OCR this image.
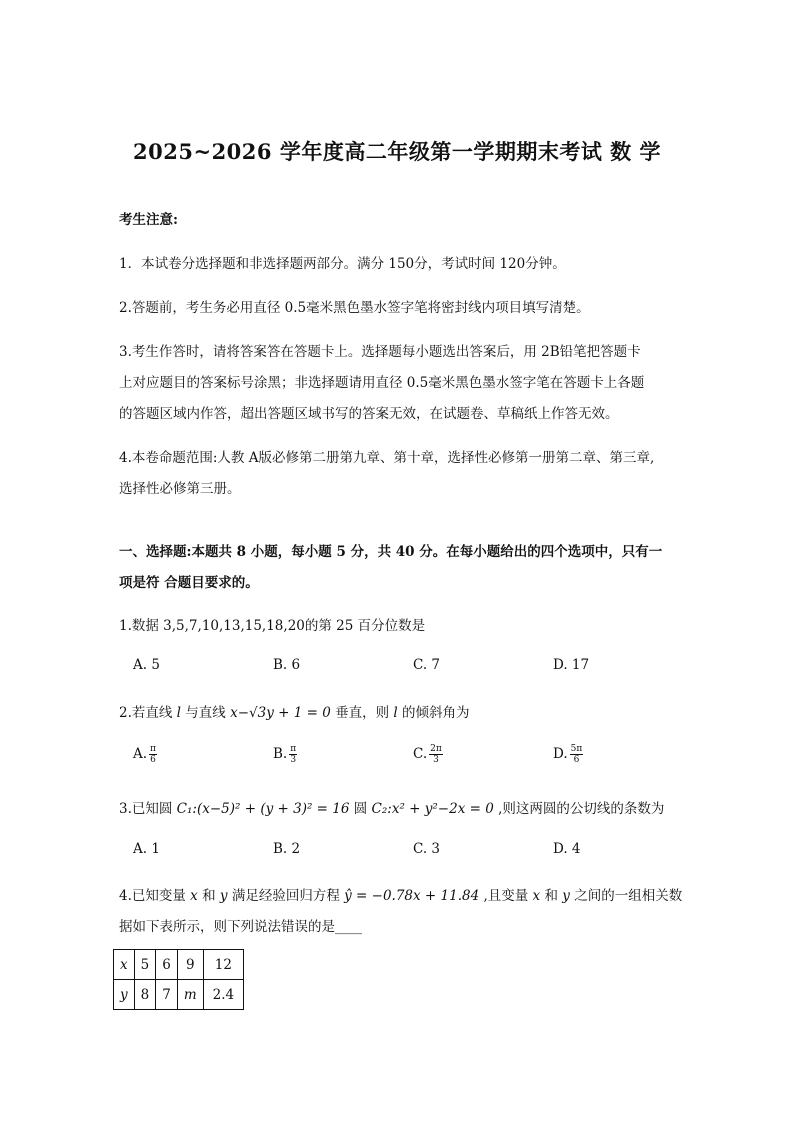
2025~2026 学年度高二年级第一学期期末考试 数 学
考生注意:
1．本试卷分选择题和非选择题两部分。满分 150分，考试时间 120分钟。
2.答题前，考生务必用直径 0.5毫米黑色墨水签字笔将密封线内项目填写清楚。
3.考生作答时，请将答案答在答题卡上。选择题每小题选出答案后，用 2B铅笔把答题卡
上对应题目的答案标号涂黑；非选择题请用直径 0.5毫米黑色墨水签字笔在答题卡上各题
的答题区域内作答，超出答题区域书写的答案无效，在试题卷、草稿纸上作答无效。
4.本卷命题范围:人教 A版必修第二册第九章、第十章，选择性必修第一册第二章、第三章,
选择性必修第三册。
一、选择题:本题共 8 小题，每小题 5 分，共 40 分。在每小题给出的四个选项中，只有一
项是符 合题目要求的。
1.数据 3,5,7,10,13,15,18,20的第 25 百分位数是
A. 5	B. 6	C. 7	D. 17
2.若直线 l 与直线 x−√3y + 1 = 0 垂直，则 l 的倾斜角为
A. $\frac{\pi}{6}$	B. $\frac{\pi}{3}$	C. $\frac{2\pi}{3}$	D. $\frac{5\pi}{6}$
3.已知圆 C₁:(x−5)² + (y + 3)² = 16 圆 C₂:x² + y²−2x = 0 ,则这两圆的公切线的条数为
A. 1	B. 2	C. 3	D. 4
4.已知变量 x 和 y 满足经验回归方程 ŷ = −0.78x + 11.84 ,且变量 x 和 y 之间的一组相关数
据如下表所示，则下列说法错误的是____
x	5	6	9	12
y	8	7	m	2.4
